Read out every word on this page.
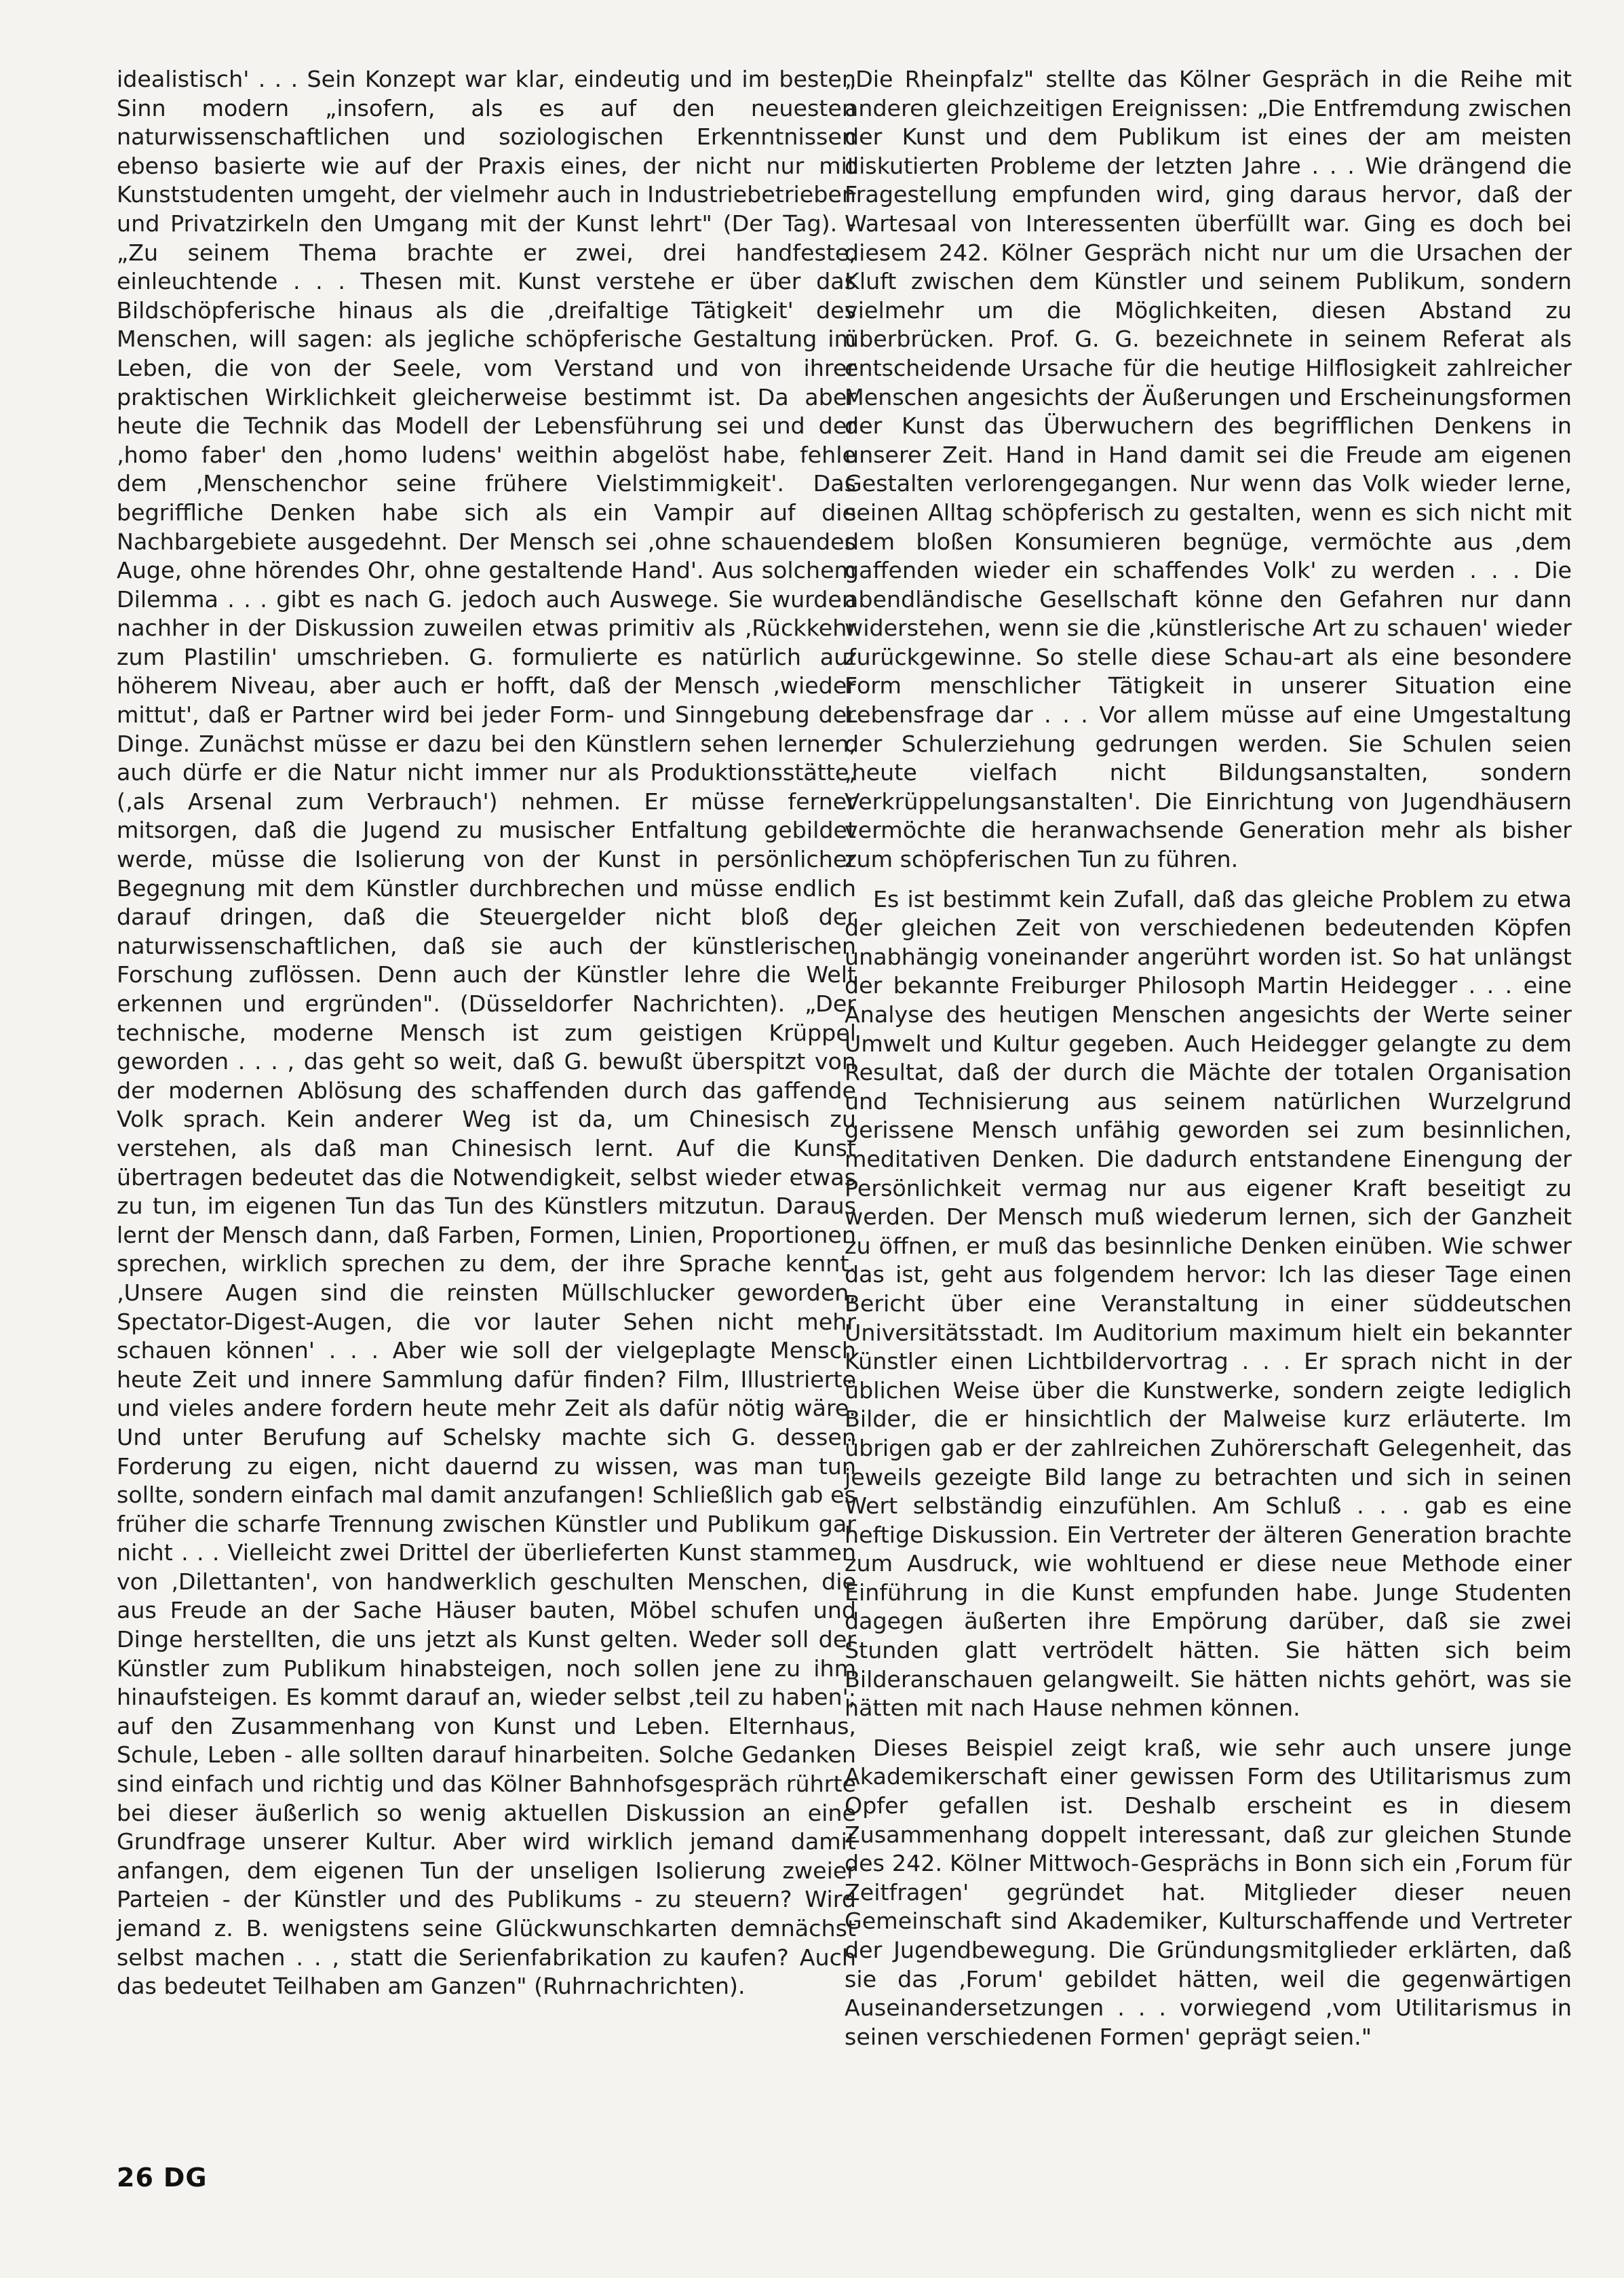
idealistisch' . . . Sein Konzept war klar, eindeutig und im besten Sinn modern „insofern, als es auf den neuesten naturwissenschaftlichen und soziologischen Erkenntnissen ebenso basierte wie auf der Praxis eines, der nicht nur mit Kunststudenten umgeht, der vielmehr auch in Industriebetrieben und Privatzirkeln den Umgang mit der Kunst lehrt" (Der Tag). - „Zu seinem Thema brachte er zwei, drei handfeste, einleuchtende . . . Thesen mit. Kunst verstehe er über das Bildschöpferische hinaus als die ‚dreifaltige Tätigkeit' des Menschen, will sagen: als jegliche schöpferische Gestaltung im Leben, die von der Seele, vom Verstand und von ihrer praktischen Wirklichkeit gleicherweise bestimmt ist. Da aber heute die Technik das Modell der Lebensführung sei und der ‚homo faber' den ‚homo ludens' weithin abgelöst habe, fehle dem ‚Menschenchor seine frühere Vielstimmigkeit'. Das begriffliche Denken habe sich als ein Vampir auf die Nachbargebiete ausgedehnt. Der Mensch sei ‚ohne schauendes Auge, ohne hörendes Ohr, ohne gestaltende Hand'. Aus solchem Dilemma . . . gibt es nach G. jedoch auch Auswege. Sie wurden nachher in der Diskussion zuweilen etwas primitiv als ‚Rückkehr zum Plastilin' umschrieben. G. formulierte es natürlich auf höherem Niveau, aber auch er hofft, daß der Mensch ‚wieder mittut', daß er Partner wird bei jeder Form- und Sinngebung der Dinge. Zunächst müsse er dazu bei den Künstlern sehen lernen, auch dürfe er die Natur nicht immer nur als Produktionsstätte, (‚als Arsenal zum Verbrauch') nehmen. Er müsse ferner mitsorgen, daß die Jugend zu musischer Entfaltung gebildet werde, müsse die Isolierung von der Kunst in persönlicher Begegnung mit dem Künstler durchbrechen und müsse endlich darauf dringen, daß die Steuergelder nicht bloß der naturwissenschaftlichen, daß sie auch der künstlerischen Forschung zuflössen. Denn auch der Künstler lehre die Welt erkennen und ergründen". (Düsseldorfer Nachrichten). „Der technische, moderne Mensch ist zum geistigen Krüppel geworden . . . , das geht so weit, daß G. bewußt überspitzt von der modernen Ablösung des schaffenden durch das gaffende Volk sprach. Kein anderer Weg ist da, um Chinesisch zu verstehen, als daß man Chinesisch lernt. Auf die Kunst übertragen bedeutet das die Notwendigkeit, selbst wieder etwas zu tun, im eigenen Tun das Tun des Künstlers mitzutun. Daraus lernt der Mensch dann, daß Farben, Formen, Linien, Proportionen sprechen, wirklich sprechen zu dem, der ihre Sprache kennt. ‚Unsere Augen sind die reinsten Müllschlucker geworden, Spectator-Digest-Augen, die vor lauter Sehen nicht mehr schauen können' . . . Aber wie soll der vielgeplagte Mensch heute Zeit und innere Sammlung dafür finden? Film, Illustrierte und vieles andere fordern heute mehr Zeit als dafür nötig wäre. Und unter Berufung auf Schelsky machte sich G. dessen Forderung zu eigen, nicht dauernd zu wissen, was man tun sollte, sondern einfach mal damit anzufangen! Schließlich gab es früher die scharfe Trennung zwischen Künstler und Publikum gar nicht . . . Vielleicht zwei Drittel der überlieferten Kunst stammen von ‚Dilettanten', von handwerklich geschulten Menschen, die aus Freude an der Sache Häuser bauten, Möbel schufen und Dinge herstellten, die uns jetzt als Kunst gelten. Weder soll der Künstler zum Publikum hinabsteigen, noch sollen jene zu ihm hinaufsteigen. Es kommt darauf an, wieder selbst ‚teil zu haben'; auf den Zusammenhang von Kunst und Leben. Elternhaus, Schule, Leben - alle sollten darauf hinarbeiten. Solche Gedanken sind einfach und richtig und das Kölner Bahnhofsgespräch rührte bei dieser äußerlich so wenig aktuellen Diskussion an eine Grundfrage unserer Kultur. Aber wird wirklich jemand damit anfangen, dem eigenen Tun der unseligen Isolierung zweier Parteien - der Künstler und des Publikums - zu steuern? Wird jemand z. B. wenigstens seine Glückwunschkarten demnächst selbst machen . . , statt die Serienfabrikation zu kaufen? Auch das bedeutet Teilhaben am Ganzen" (Ruhrnachrichten).

„Die Rheinpfalz" stellte das Kölner Gespräch in die Reihe mit anderen gleichzeitigen Ereignissen: „Die Entfremdung zwischen der Kunst und dem Publikum ist eines der am meisten diskutierten Probleme der letzten Jahre . . . Wie drängend die Fragestellung empfunden wird, ging daraus hervor, daß der Wartesaal von Interessenten überfüllt war. Ging es doch bei diesem 242. Kölner Gespräch nicht nur um die Ursachen der Kluft zwischen dem Künstler und seinem Publikum, sondern vielmehr um die Möglichkeiten, diesen Abstand zu überbrücken. Prof. G. G. bezeichnete in seinem Referat als entscheidende Ursache für die heutige Hilflosigkeit zahlreicher Menschen angesichts der Äußerungen und Erscheinungsformen der Kunst das Überwuchern des begrifflichen Denkens in unserer Zeit. Hand in Hand damit sei die Freude am eigenen Gestalten verlorengegangen. Nur wenn das Volk wieder lerne, seinen Alltag schöpferisch zu gestalten, wenn es sich nicht mit dem bloßen Konsumieren begnüge, vermöchte aus ‚dem gaffenden wieder ein schaffendes Volk' zu werden . . . Die abendländische Gesellschaft könne den Gefahren nur dann widerstehen, wenn sie die ‚künstlerische Art zu schauen' wieder zurückgewinne. So stelle diese Schau-art als eine besondere Form menschlicher Tätigkeit in unserer Situation eine Lebensfrage dar . . . Vor allem müsse auf eine Umgestaltung der Schulerziehung gedrungen werden. Sie Schulen seien ‚heute vielfach nicht Bildungsanstalten, sondern Verkrüppelungsanstalten'. Die Einrichtung von Jugendhäusern vermöchte die heranwachsende Generation mehr als bisher zum schöpferischen Tun zu führen.

Es ist bestimmt kein Zufall, daß das gleiche Problem zu etwa der gleichen Zeit von verschiedenen bedeutenden Köpfen unabhängig voneinander angerührt worden ist. So hat unlängst der bekannte Freiburger Philosoph Martin Heidegger . . . eine Analyse des heutigen Menschen angesichts der Werte seiner Umwelt und Kultur gegeben. Auch Heidegger gelangte zu dem Resultat, daß der durch die Mächte der totalen Organisation und Technisierung aus seinem natürlichen Wurzelgrund gerissene Mensch unfähig geworden sei zum besinnlichen, meditativen Denken. Die dadurch entstandene Einengung der Persönlichkeit vermag nur aus eigener Kraft beseitigt zu werden. Der Mensch muß wiederum lernen, sich der Ganzheit zu öffnen, er muß das besinnliche Denken einüben. Wie schwer das ist, geht aus folgendem hervor: Ich las dieser Tage einen Bericht über eine Veranstaltung in einer süddeutschen Universitätsstadt. Im Auditorium maximum hielt ein bekannter Künstler einen Lichtbildervortrag . . . Er sprach nicht in der üblichen Weise über die Kunstwerke, sondern zeigte lediglich Bilder, die er hinsichtlich der Malweise kurz erläuterte. Im übrigen gab er der zahlreichen Zuhörerschaft Gelegenheit, das jeweils gezeigte Bild lange zu betrachten und sich in seinen Wert selbständig einzufühlen. Am Schluß . . . gab es eine heftige Diskussion. Ein Vertreter der älteren Generation brachte zum Ausdruck, wie wohltuend er diese neue Methode einer Einführung in die Kunst empfunden habe. Junge Studenten dagegen äußerten ihre Empörung darüber, daß sie zwei Stunden glatt vertrödelt hätten. Sie hätten sich beim Bilderanschauen gelangweilt. Sie hätten nichts gehört, was sie hätten mit nach Hause nehmen können.

Dieses Beispiel zeigt kraß, wie sehr auch unsere junge Akademikerschaft einer gewissen Form des Utilitarismus zum Opfer gefallen ist. Deshalb erscheint es in diesem Zusammenhang doppelt interessant, daß zur gleichen Stunde des 242. Kölner Mittwoch-Gesprächs in Bonn sich ein ‚Forum für Zeitfragen' gegründet hat. Mitglieder dieser neuen Gemeinschaft sind Akademiker, Kulturschaffende und Vertreter der Jugendbewegung. Die Gründungsmitglieder erklärten, daß sie das ‚Forum' gebildet hätten, weil die gegenwärtigen Auseinandersetzungen . . . vorwiegend ‚vom Utilitarismus in seinen verschiedenen Formen' geprägt seien."

26 DG
